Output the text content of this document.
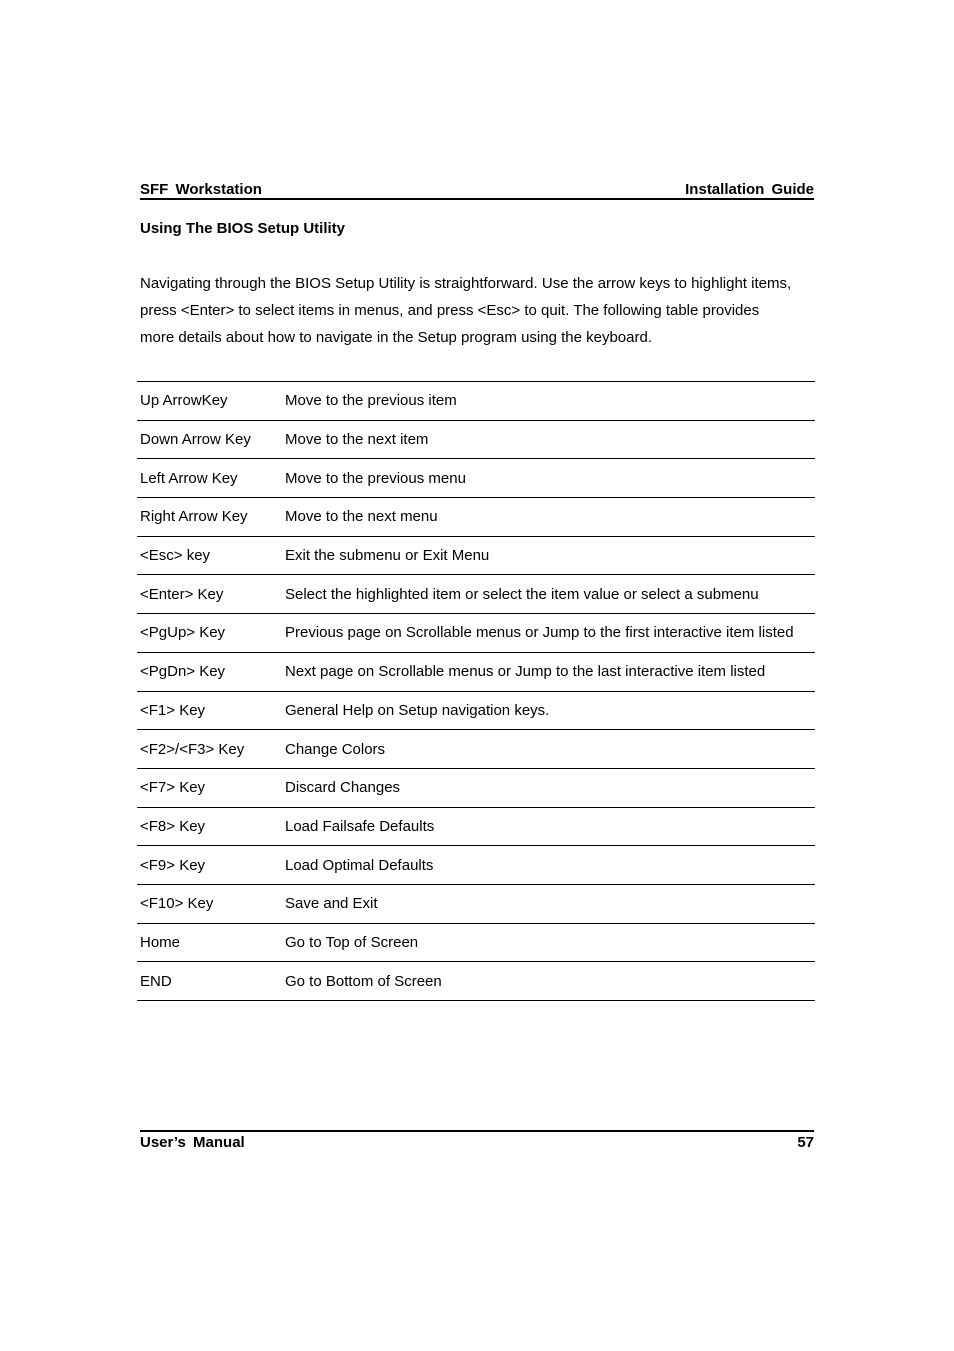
SFF Workstation	Installation Guide
Using The BIOS Setup Utility
Navigating through the BIOS Setup Utility is straightforward. Use the arrow keys to highlight items,
press <Enter> to select items in menus, and press <Esc> to quit. The following table provides
more details about how to navigate in the Setup program using the keyboard.
Up ArrowKey	Move to the previous item
Down Arrow Key	Move to the next item
Left Arrow Key	Move to the previous menu
Right Arrow Key	Move to the next menu
<Esc> key	Exit the submenu or Exit Menu
<Enter> Key	Select the highlighted item or select the item value or select a submenu
<PgUp> Key	Previous page on Scrollable menus or Jump to the first interactive item listed
<PgDn> Key	Next page on Scrollable menus or Jump to the last interactive item listed
<F1> Key	General Help on Setup navigation keys.
<F2>/<F3> Key	Change Colors
<F7> Key	Discard Changes
<F8> Key	Load Failsafe Defaults
<F9> Key	Load Optimal Defaults
<F10> Key	Save and Exit
Home	Go to Top of Screen
END	Go to Bottom of Screen
User’s Manual	57
